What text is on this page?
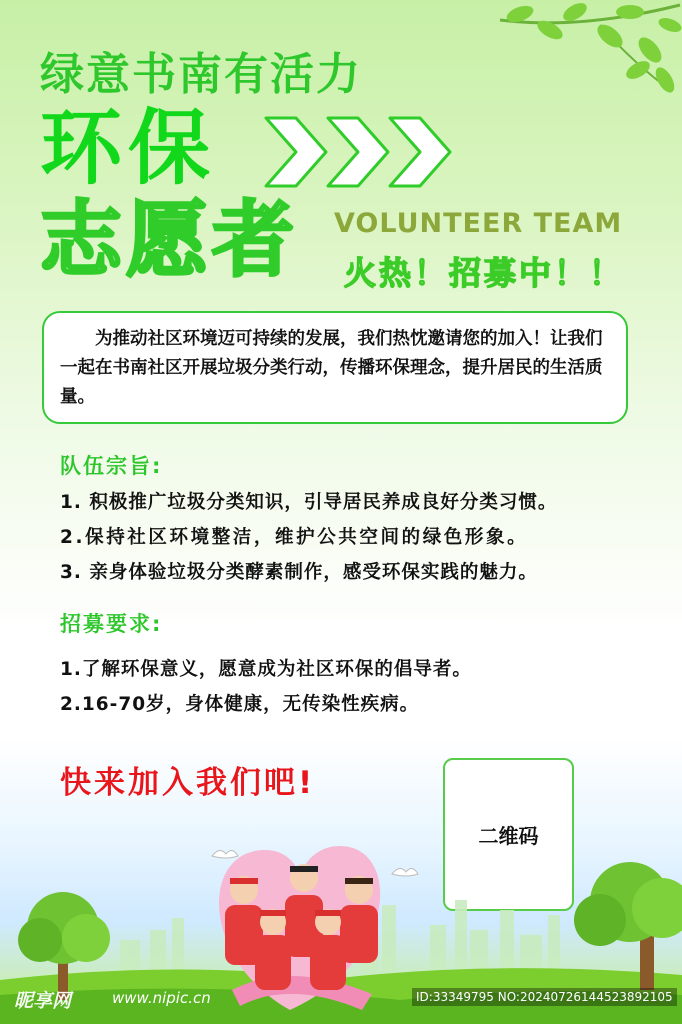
绿意书南有活力
环保
志愿者 VOLUNTEER TEAM
火热！招募中！！
为推动社区环境迈可持续的发展，我们热忱邀请您的加入！让我们一起在书南社区开展垃圾分类行动，传播环保理念，提升居民的生活质量。
队伍宗旨:
1. 积极推广垃圾分类知识，引导居民养成良好分类习惯。
2.保持社区环境整洁，维护公共空间的绿色形象。
3. 亲身体验垃圾分类酵素制作，感受环保实践的魅力。
招募要求:
1.了解环保意义，愿意成为社区环保的倡导者。
2.16-70岁，身体健康，无传染性疾病。
快来加入我们吧!
二维码
昵享网	www.nipic.cn	ID:33349795 NO:20240726144523892105
